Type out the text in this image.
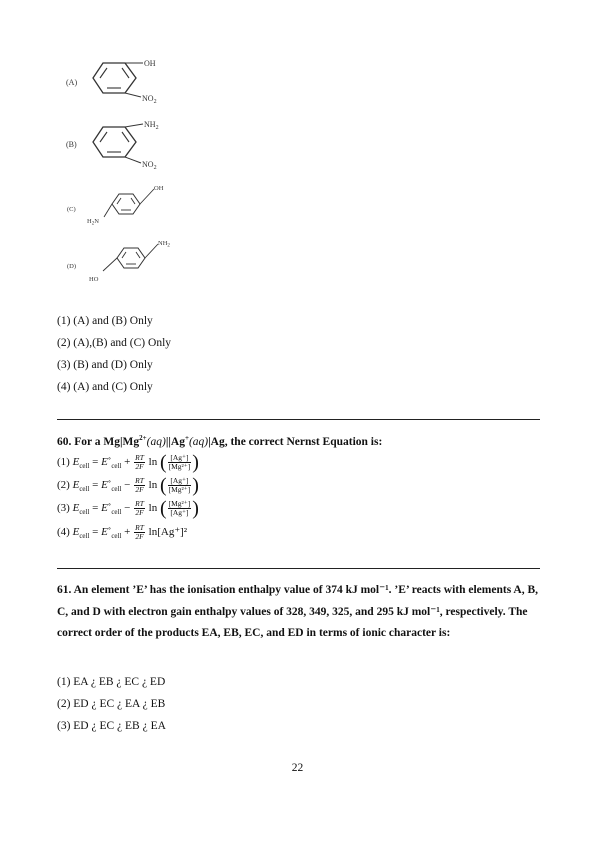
(A)
OH
$NO_2$
(B)
$NH_2$
$NO_2$
(C)
OH
$H_2N$
(D)
$NH_2$
HO
(1) (A) and (B) Only
(2) (A),(B) and (C) Only
(3) (B) and (D) Only
(4) (A) and (C) Only
60. For a $Mg|Mg^{2+}(aq)||Ag^+(aq)|Ag$, the correct Nernst Equation is:
(1) $E_{cell} = E^\circ_{cell} + \frac{RT}{2F}$ ln ( $\frac{[Ag^+]}{\text{[Mg²⁺]}}$ )
(2) $E_{cell} = E^\circ_{cell} - \frac{RT}{2F}$ ln ( $\frac{[Ag^+]}{\text{[Mg²⁺]}}$ )
(3) $E_{cell} = E^\circ_{cell} - \frac{RT}{2F}$ ln ( $\frac{\text{[Mg²⁺]}}{[Ag^+]}$ )
(4) $E_{cell} = E^\circ_{cell} + \frac{RT}{2F} \ln[Ag^+]^2$
61. An element ’E’ has the ionisation enthalpy value of 374 kJ mol⁻¹. ’E’ reacts with elements A, B, C, and D with electron gain enthalpy values of 328, 349, 325, and 295 kJ mol⁻¹, respectively. The correct order of the products EA, EB, EC, and ED in terms of ionic character is:
(1) EA ¿ EB ¿ EC ¿ ED
(2) ED ¿ EC ¿ EA ¿ EB
(3) ED ¿ EC ¿ EB ¿ EA
22
